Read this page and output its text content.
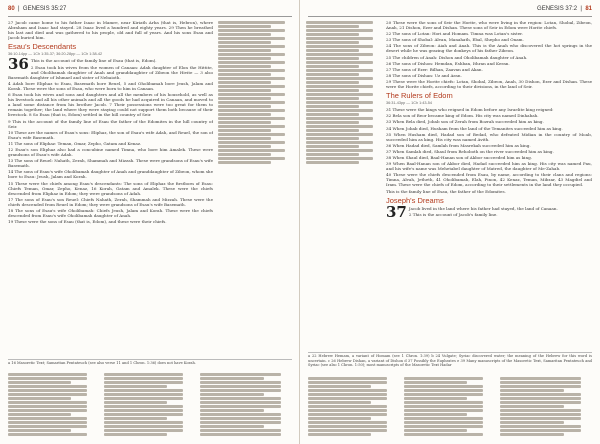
80  |  GENESIS 35:27

27 Jacob came home to his father Isaac in Mamre, near Kiriath Arba (that is, Hebron), where Abraham and Isaac had stayed. 28 Isaac lived a hundred and eighty years. 29 Then he breathed his last and died and was gathered to his people, old and full of years. And his sons Esau and Jacob buried him.

Esau's Descendants
36:10-14pp — 1Ch 1:35-37; 36:20-28pp — 1Ch 1:38-42

36 This is the account of the family line of Esau (that is, Edom).

2 Esau took his wives from the women of Canaan: Adah daughter of Elon the Hittite, and Oholibamah daughter of Anah and granddaughter of Zibeon the Hivite — 3 also Basemath daughter of Ishmael and sister of Nebaioth.

4 Adah bore Eliphaz to Esau, Basemath bore Reuel, 5 and Oholibamah bore Jeush, Jalam and Korah. These were the sons of Esau, who were born to him in Canaan.

6 Esau took his wives and sons and daughters and all the members of his household, as well as his livestock and all his other animals and all the goods he had acquired in Canaan, and moved to a land some distance from his brother Jacob. 7 Their possessions were too great for them to remain together; the land where they were staying could not support them both because of their livestock. 8 So Esau (that is, Edom) settled in the hill country of Seir.

9 This is the account of the family line of Esau the father of the Edomites in the hill country of Seir.

10 These are the names of Esau's sons: Eliphaz, the son of Esau's wife Adah, and Reuel, the son of Esau's wife Basemath.

11 The sons of Eliphaz: Teman, Omar, Zepho, Gatam and Kenaz.

12 Esau's son Eliphaz also had a concubine named Timna, who bore him Amalek. These were grandsons of Esau's wife Adah.

13 The sons of Reuel: Nahath, Zerah, Shammah and Mizzah. These were grandsons of Esau's wife Basemath.

14 The sons of Esau's wife Oholibamah daughter of Anah and granddaughter of Zibeon, whom she bore to Esau: Jeush, Jalam and Korah.

15 These were the chiefs among Esau's descendants: The sons of Eliphaz the firstborn of Esau: Chiefs Teman, Omar, Zepho, Kenaz, 16 Korah, Gatam and Amalek. These were the chiefs descended from Eliphaz in Edom; they were grandsons of Adah.

17 The sons of Esau's son Reuel: Chiefs Nahath, Zerah, Shammah and Mizzah. These were the chiefs descended from Reuel in Edom; they were grandsons of Esau's wife Basemath.

18 The sons of Esau's wife Oholibamah: Chiefs Jeush, Jalam and Korah. These were the chiefs descended from Esau's wife Oholibamah daughter of Anah.

19 These were the sons of Esau (that is, Edom), and these were their chiefs.

a 16 Masoretic Text; Samaritan Pentateuch (see also verse 11 and 1 Chron. 1:36) does not have Korah.

GENESIS 37:2  |  81

20 These were the sons of Seir the Horite, who were living in the region: Lotan, Shobal, Zibeon, Anah, 21 Dishon, Ezer and Dishan. These sons of Seir in Edom were Horite chiefs.

22 The sons of Lotan: Hori and Homam. Timna was Lotan's sister.

23 The sons of Shobal: Alvan, Manahath, Ebal, Shepho and Onam.

24 The sons of Zibeon: Aiah and Anah. This is the Anah who discovered the hot springs in the desert while he was grazing the donkeys of his father Zibeon.

25 The children of Anah: Dishon and Oholibamah daughter of Anah.

26 The sons of Dishon: Hemdan, Eshban, Ithran and Keran.

27 The sons of Ezer: Bilhan, Zaavan and Akan.

28 The sons of Dishan: Uz and Aran.

29 These were the Horite chiefs: Lotan, Shobal, Zibeon, Anah, 30 Dishon, Ezer and Dishan. These were the Horite chiefs, according to their divisions, in the land of Seir.

The Rulers of Edom
36:31-43pp — 1Ch 1:43-54

31 These were the kings who reigned in Edom before any Israelite king reigned:

32 Bela son of Beor became king of Edom. His city was named Dinhabah.

33 When Bela died, Jobab son of Zerah from Bozrah succeeded him as king.

34 When Jobab died, Husham from the land of the Temanites succeeded him as king.

35 When Husham died, Hadad son of Bedad, who defeated Midian in the country of Moab, succeeded him as king. His city was named Avith.

36 When Hadad died, Samlah from Masrekah succeeded him as king.

37 When Samlah died, Shaul from Rehoboth on the river succeeded him as king.

38 When Shaul died, Baal-Hanan son of Akbor succeeded him as king.

39 When Baal-Hanan son of Akbor died, Hadad succeeded him as king. His city was named Pau, and his wife's name was Mehetabel daughter of Matred, the daughter of Me-Zahab.

40 These were the chiefs descended from Esau, by name, according to their clans and regions: Timna, Alvah, Jetheth, 41 Oholibamah, Elah, Pinon, 42 Kenaz, Teman, Mibzar, 43 Magdiel and Iram. These were the chiefs of Edom, according to their settlements in the land they occupied.

This is the family line of Esau, the father of the Edomites.

Joseph's Dreams

37 Jacob lived in the land where his father had stayed, the land of Canaan.

2 This is the account of Jacob's family line.

a 22 Hebrew Hemam, a variant of Homam (see 1 Chron. 1:39) b 24 Vulgate; Syriac discovered water; the meaning of the Hebrew for this word is uncertain. c 26 Hebrew Dishan, a variant of Dishon d 37 Possibly the Euphrates e 39 Many manuscripts of the Masoretic Text, Samaritan Pentateuch and Syriac (see also 1 Chron. 1:50); most manuscripts of the Masoretic Text Hadar
